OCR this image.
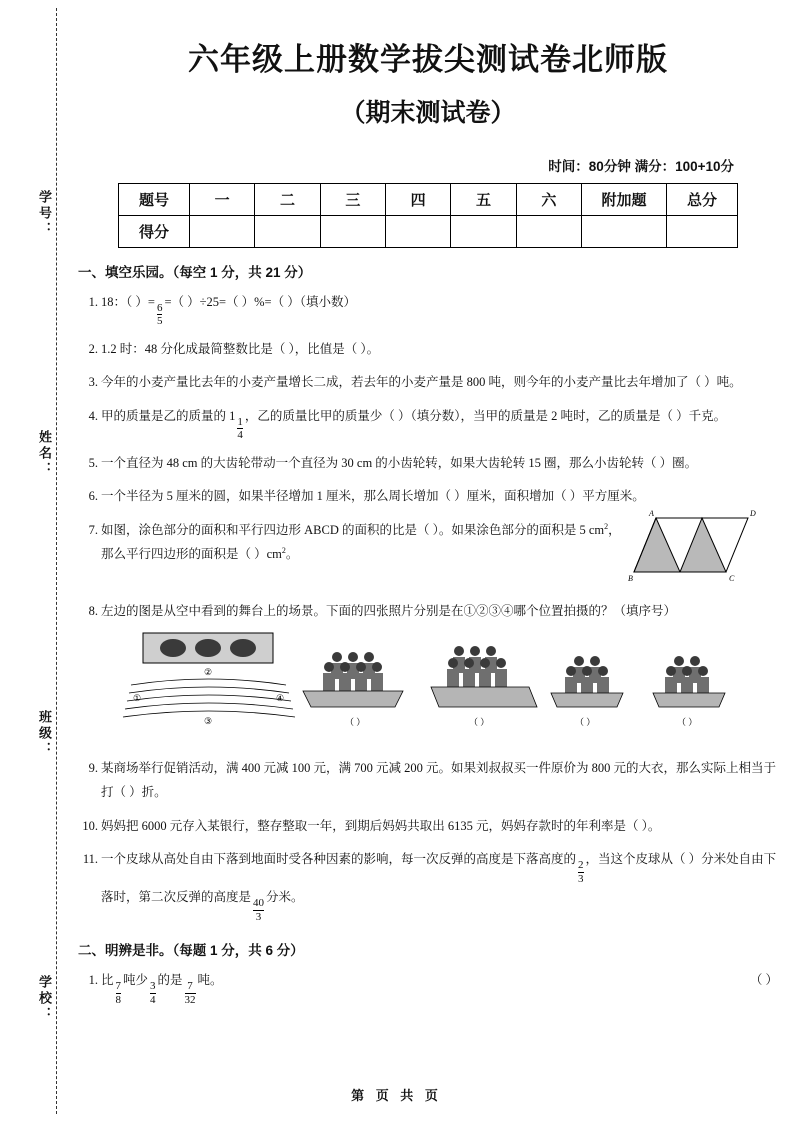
学号：
姓名：
班级：
学校：
六年级上册数学拔尖测试卷北师版
（期末测试卷）
时间：80分钟 满分：100+10分
题号	一	二	三	四	五	六	附加题	总分
得分								
一、填空乐园。（每空 1 分，共 21 分）
1. 18：（ ）=
$\frac{6}{5}$
=（ ）÷25=（ ）%=（ ）（填小数）
2. 1.2 时：48 分化成最简整数比是（ ），比值是（ ）。
3. 今年的小麦产量比去年的小麦产量增长二成，若去年的小麦产量是 800 吨，则今年的小麦产量比去年增加了（ ）吨。
4. 甲的质量是乙的质量的 1
$\frac{1}{4}$
，乙的质量比甲的质量少（ ）（填分数），当甲的质量是 2 吨时，乙的质量是（ ）千克。
5. 一个直径为 48 cm 的大齿轮带动一个直径为 30 cm 的小齿轮转，如果大齿轮转 15 圈，那么小齿轮转（ ）圈。
6. 一个半径为 5 厘米的圆，如果半径增加 1 厘米，那么周长增加（ ）厘米，面积增加（ ）平方厘米。
7. 如图，涂色部分的面积和平行四边形 ABCD 的面积的比是（ ）。如果涂色部分的面积是 5 $cm^2$，那么平行四边形的面积是（ ）$cm^2$。
A	D
B	C
8. 左边的图是从空中看到的舞台上的场景。下面的四张照片分别是在①②③④哪个位置拍摄的？（填序号）
②
①	④
③	（ ）	（ ）	（ ）	（ ）
9. 某商场举行促销活动，满 400 元减 100 元，满 700 元减 200 元。如果刘叔叔买一件原价为 800 元的大衣，那么实际上相当于打（ ）折。
10. 妈妈把 6000 元存入某银行，整存整取一年，到期后妈妈共取出 6135 元，妈妈存款时的年利率是（ ）。
11. 一个皮球从高处自由下落到地面时受各种因素的影响，每一次反弹的高度是下落高度的
$\frac{2}{3}$
，当这个皮球从（ ）分米处自由下落时，第二次反弹的高度是
$\frac{40}{3}$
分米。
二、明辨是非。（每题 1 分，共 6 分）
1. 比
$\frac{7}{8}$
吨少
$\frac{3}{4}$
的是
$\frac{7}{32}$
吨。	（ ）
第 页 共 页
